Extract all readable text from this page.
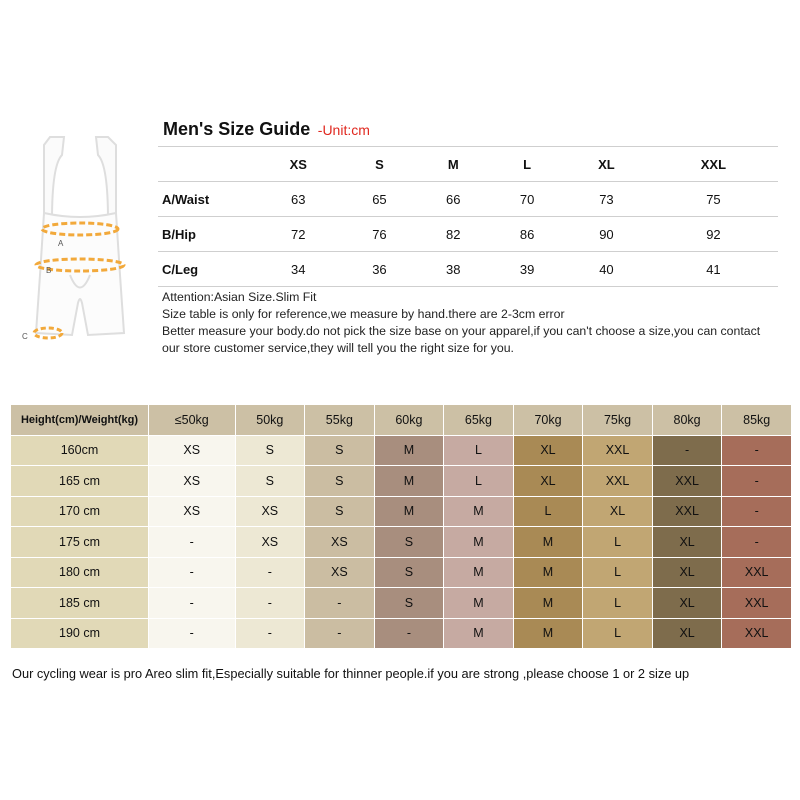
A
B
C
Men's Size Guide -Unit:cm
	XS	S	M	L	XL	XXL
A/Waist	63	65	66	70	73	75
B/Hip	72	76	82	86	90	92
C/Leg	34	36	38	39	40	41
Attention:Asian Size.Slim Fit
Size table is only for reference,we measure by hand.there are 2-3cm error
Better measure your body.do not pick the size base on your apparel,if you can't choose a size,you can contact
our store customer service,they will tell you the right size for you.
Height(cm)/Weight(kg)	≤50kg	50kg	55kg	60kg	65kg	70kg	75kg	80kg	85kg
160cm	XS	S	S	M	L	XL	XXL	-	-
165 cm	XS	S	S	M	L	XL	XXL	XXL	-
170 cm	XS	XS	S	M	M	L	XL	XXL	-
175 cm	-	XS	XS	S	M	M	L	XL	-
180 cm	-	-	XS	S	M	M	L	XL	XXL
185 cm	-	-	-	S	M	M	L	XL	XXL
190 cm	-	-	-	-	M	M	L	XL	XXL
Our cycling wear is pro Areo slim fit,Especially suitable for thinner people.if you are strong ,please choose 1 or 2 size up
